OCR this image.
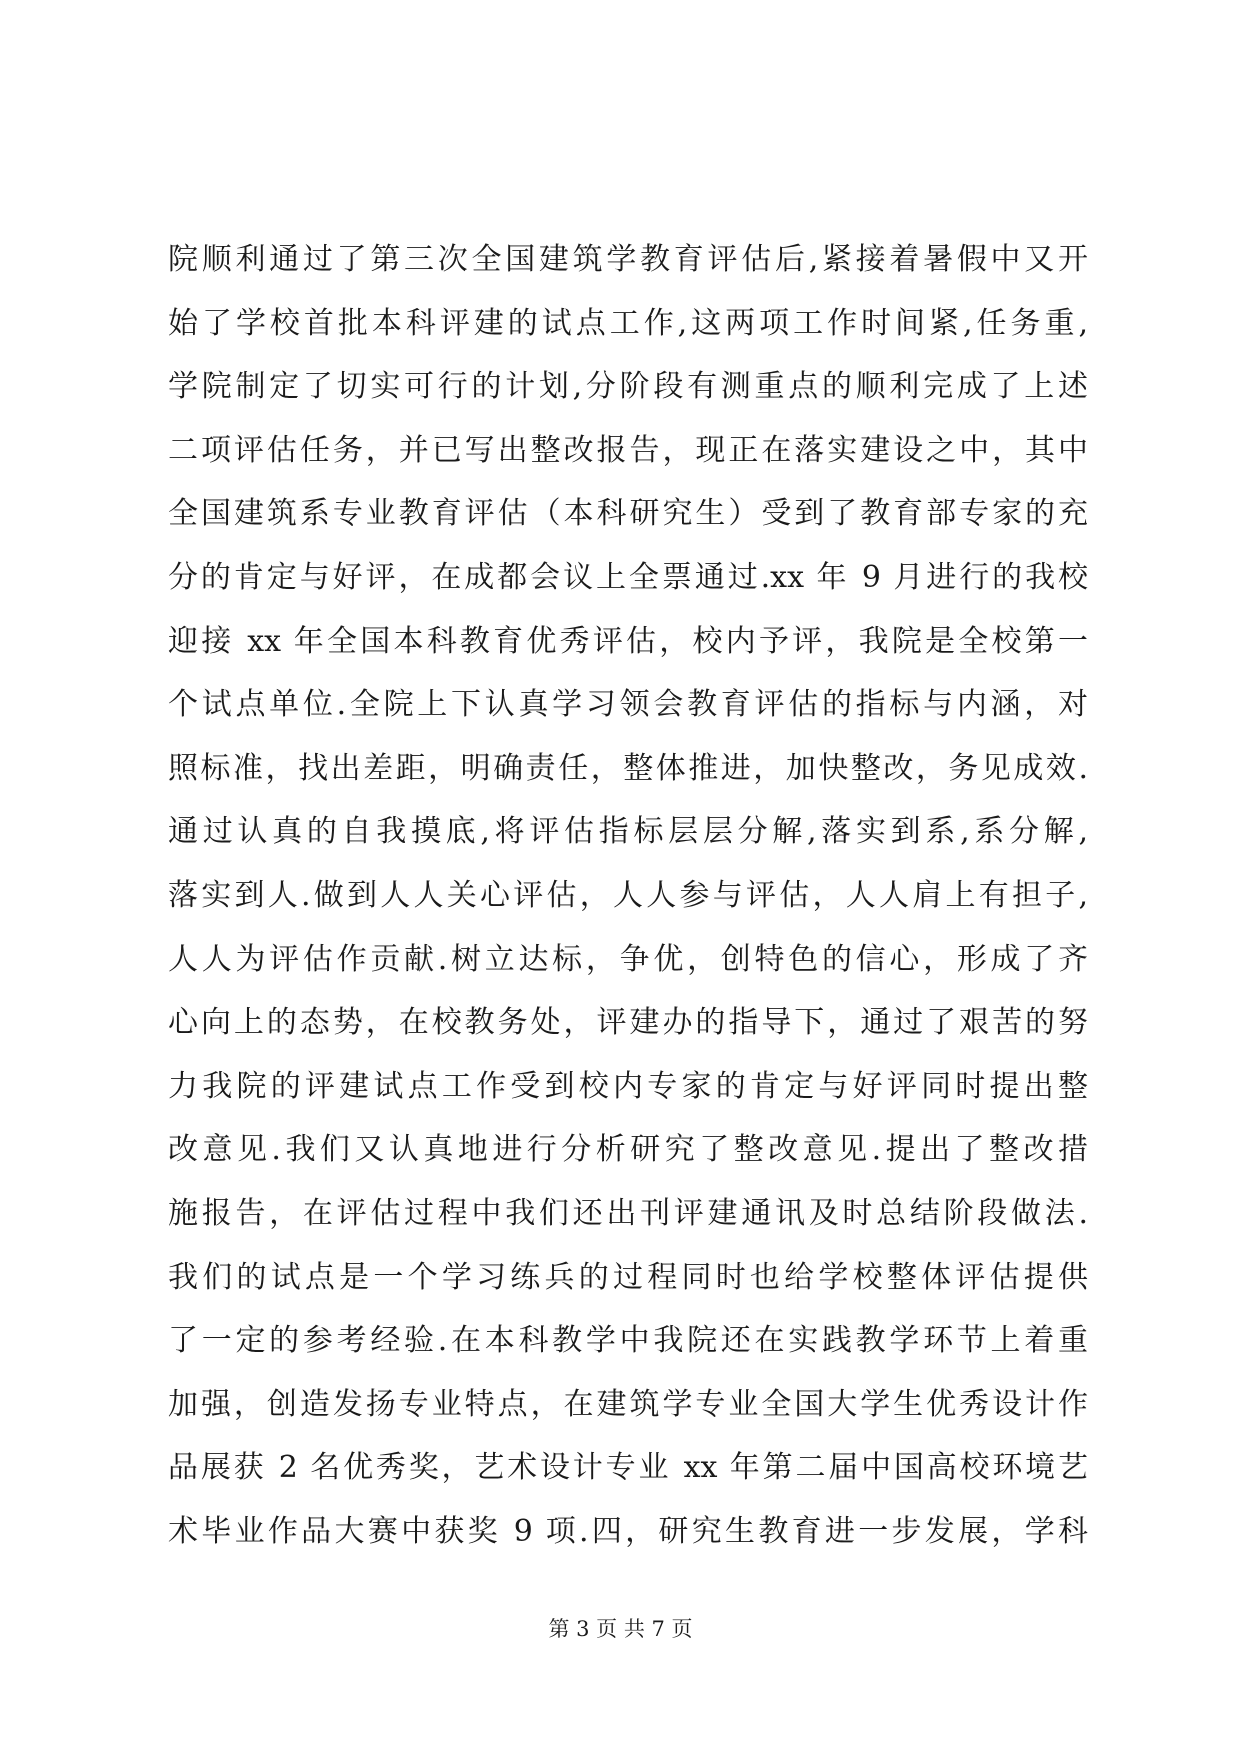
院顺利通过了第三次全国建筑学教育评估后,紧接着暑假中又开
始了学校首批本科评建的试点工作,这两项工作时间紧,任务重,
学院制定了切实可行的计划,分阶段有测重点的顺利完成了上述
二项评估任务，并已写出整改报告，现正在落实建设之中，其中
全国建筑系专业教育评估（本科研究生）受到了教育部专家的充
分的肯定与好评，在成都会议上全票通过.xx 年 9 月进行的我校
迎接 xx 年全国本科教育优秀评估，校内予评，我院是全校第一
个试点单位.全院上下认真学习领会教育评估的指标与内涵，对
照标准，找出差距，明确责任，整体推进，加快整改，务见成效.
通过认真的自我摸底,将评估指标层层分解,落实到系,系分解,
落实到人.做到人人关心评估，人人参与评估，人人肩上有担子,
人人为评估作贡献.树立达标，争优，创特色的信心，形成了齐
心向上的态势，在校教务处，评建办的指导下，通过了艰苦的努
力我院的评建试点工作受到校内专家的肯定与好评同时提出整
改意见.我们又认真地进行分析研究了整改意见.提出了整改措
施报告，在评估过程中我们还出刊评建通讯及时总结阶段做法.
我们的试点是一个学习练兵的过程同时也给学校整体评估提供
了一定的参考经验.在本科教学中我院还在实践教学环节上着重
加强，创造发扬专业特点，在建筑学专业全国大学生优秀设计作
品展获 2 名优秀奖，艺术设计专业 xx 年第二届中国高校环境艺
术毕业作品大赛中获奖 9 项.四，研究生教育进一步发展，学科
第 3 页 共 7 页
